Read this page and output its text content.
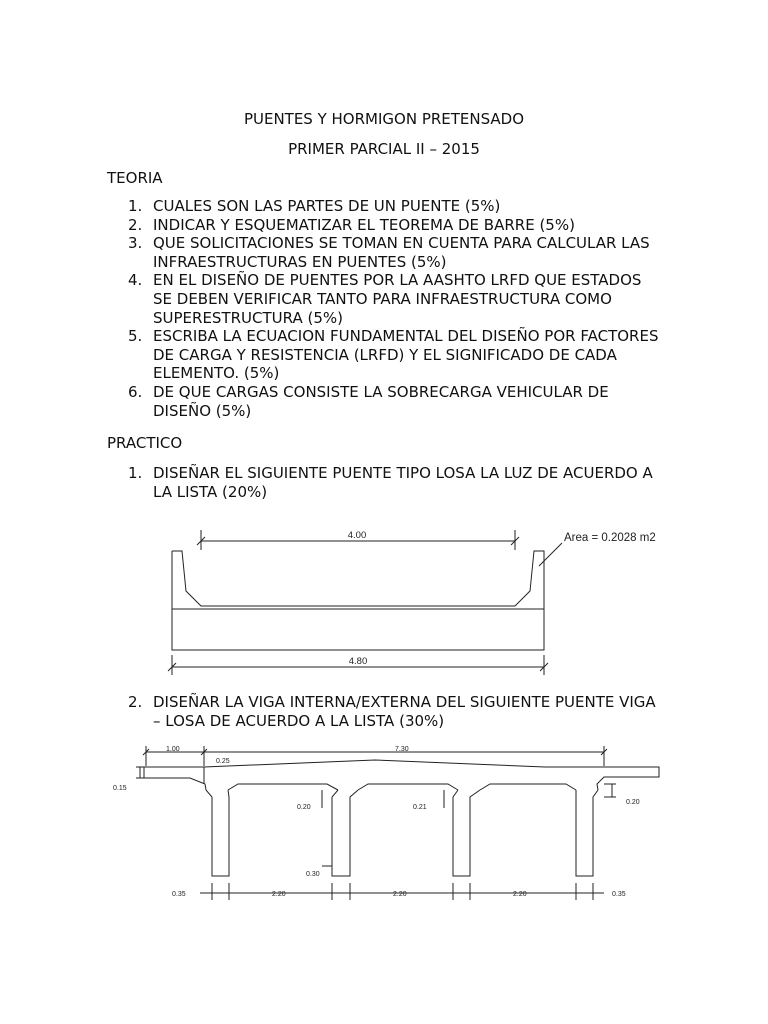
PUENTES Y HORMIGON PRETENSADO
PRIMER PARCIAL II – 2015
TEORIA
1. CUALES SON LAS PARTES DE UN PUENTE (5%)
2. INDICAR Y ESQUEMATIZAR EL TEOREMA DE BARRE (5%)
3. QUE SOLICITACIONES SE TOMAN EN CUENTA PARA CALCULAR LAS
INFRAESTRUCTURAS EN PUENTES (5%)
4. EN EL DISEÑO DE PUENTES POR LA AASHTO LRFD QUE ESTADOS
SE DEBEN VERIFICAR TANTO PARA INFRAESTRUCTURA COMO
SUPERESTRUCTURA (5%)
5. ESCRIBA LA ECUACION FUNDAMENTAL DEL DISEÑO POR FACTORES
DE CARGA Y RESISTENCIA (LRFD) Y EL SIGNIFICADO DE CADA
ELEMENTO. (5%)
6. DE QUE CARGAS CONSISTE LA SOBRECARGA VEHICULAR DE
DISEÑO (5%)
PRACTICO
1. DISEÑAR EL SIGUIENTE PUENTE TIPO LOSA LA LUZ DE ACUERDO A
LA LISTA (20%)
4.00
4.80
Area = 0.2028 m2
2. DISEÑAR LA VIGA INTERNA/EXTERNA DEL SIGUIENTE PUENTE VIGA
– LOSA DE ACUERDO A LA LISTA (30%)
1.00	7.30
0.25
0.15
0.20	0.21
0.20
0.30
0.35	2.20	2.20	2.20	0.35
